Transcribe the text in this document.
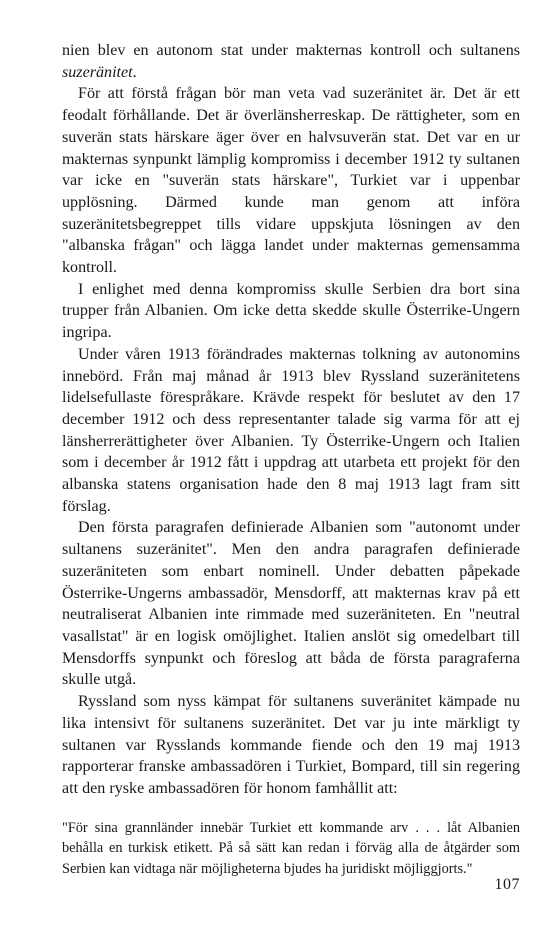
nien blev en autonom stat under makternas kontroll och sultanens suzeränitet.

För att förstå frågan bör man veta vad suzeränitet är. Det är ett feodalt förhållande. Det är överlänsherreskap. De rättigheter, som en suverän stats härskare äger över en halvsuverän stat. Det var en ur makternas synpunkt lämplig kompromiss i december 1912 ty sultanen var icke en "suverän stats härskare", Turkiet var i uppenbar upplösning. Därmed kunde man genom att införa suzeränitetsbegreppet tills vidare uppskjuta lösningen av den "albanska frågan" och lägga landet under makternas gemensamma kontroll.

I enlighet med denna kompromiss skulle Serbien dra bort sina trupper från Albanien. Om icke detta skedde skulle Österrike-Ungern ingripa.

Under våren 1913 förändrades makternas tolkning av autonomins innebörd. Från maj månad år 1913 blev Ryssland suzeränitetens lidelsefullaste förespråkare. Krävde respekt för beslutet av den 17 december 1912 och dess representanter talade sig varma för att ej länsherrerättigheter över Albanien. Ty Österrike-Ungern och Italien som i december år 1912 fått i uppdrag att utarbeta ett projekt för den albanska statens organisation hade den 8 maj 1913 lagt fram sitt förslag.

Den första paragrafen definierade Albanien som "autonomt under sultanens suzeränitet". Men den andra paragrafen definierade suzeräniteten som enbart nominell. Under debatten påpekade Österrike-Ungerns ambassadör, Mensdorff, att makternas krav på ett neutraliserat Albanien inte rimmade med suzeräniteten. En "neutral vasallstat" är en logisk omöjlighet. Italien anslöt sig omedelbart till Mensdorffs synpunkt och föreslog att båda de första paragraferna skulle utgå.

Ryssland som nyss kämpat för sultanens suveränitet kämpade nu lika intensivt för sultanens suzeränitet. Det var ju inte märkligt ty sultanen var Rysslands kommande fiende och den 19 maj 1913 rapporterar franske ambassadören i Turkiet, Bompard, till sin regering att den ryske ambassadören för honom famhållit att:

"För sina grannländer innebär Turkiet ett kommande arv . . . låt Albanien behålla en turkisk etikett. På så sätt kan redan i förväg alla de åtgärder som Serbien kan vidtaga när möjligheterna bjudes ha juridiskt möjliggjorts."

107
